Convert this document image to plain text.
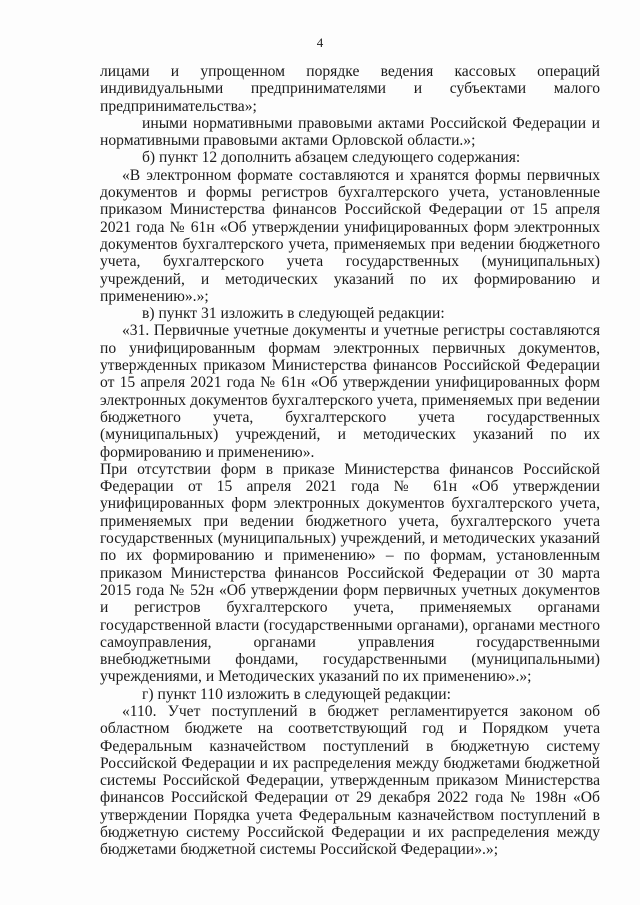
4

лицами и упрощенном порядке ведения кассовых операций индивидуальными предпринимателями и субъектами малого предпринимательства»;

иными нормативными правовыми актами Российской Федерации и нормативными правовыми актами Орловской области.»;

б) пункт 12 дополнить абзацем следующего содержания:

«В электронном формате составляются и хранятся формы первичных документов и формы регистров бухгалтерского учета, установленные приказом Министерства финансов Российской Федерации от 15 апреля 2021 года № 61н «Об утверждении унифицированных форм электронных документов бухгалтерского учета, применяемых при ведении бюджетного учета, бухгалтерского учета государственных (муниципальных) учреждений, и методических указаний по их формированию и применению».»;

в) пункт 31 изложить в следующей редакции:

«31. Первичные учетные документы и учетные регистры составляются по унифицированным формам электронных первичных документов, утвержденных приказом Министерства финансов Российской Федерации от 15 апреля 2021 года № 61н «Об утверждении унифицированных форм электронных документов бухгалтерского учета, применяемых при ведении бюджетного учета, бухгалтерского учета государственных (муниципальных) учреждений, и методических указаний по их формированию и применению».

При отсутствии форм в приказе Министерства финансов Российской Федерации от 15 апреля 2021 года № 61н «Об утверждении унифицированных форм электронных документов бухгалтерского учета, применяемых при ведении бюджетного учета, бухгалтерского учета государственных (муниципальных) учреждений, и методических указаний по их формированию и применению» – по формам, установленным приказом Министерства финансов Российской Федерации от 30 марта 2015 года № 52н «Об утверждении форм первичных учетных документов и регистров бухгалтерского учета, применяемых органами государственной власти (государственными органами), органами местного самоуправления, органами управления государственными внебюджетными фондами, государственными (муниципальными) учреждениями, и Методических указаний по их применению».»;

г) пункт 110 изложить в следующей редакции:

«110. Учет поступлений в бюджет регламентируется законом об областном бюджете на соответствующий год и Порядком учета Федеральным казначейством поступлений в бюджетную систему Российской Федерации и их распределения между бюджетами бюджетной системы Российской Федерации, утвержденным приказом Министерства финансов Российской Федерации от 29 декабря 2022 года № 198н «Об утверждении Порядка учета Федеральным казначейством поступлений в бюджетную систему Российской Федерации и их распределения между бюджетами бюджетной системы Российской Федерации».»;
